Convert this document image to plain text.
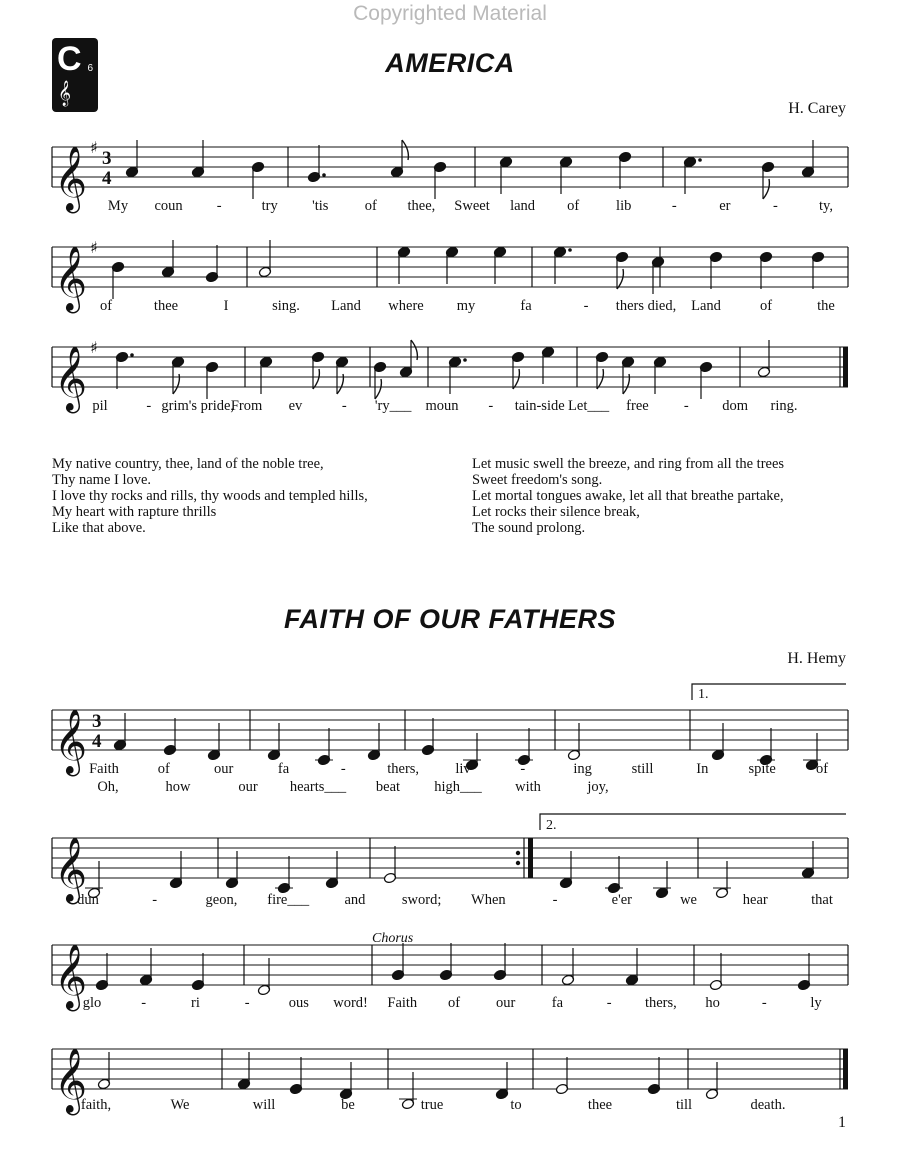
Copyrighted Material
C 6
𝄞
AMERICA
H. Carey
My native country, thee, land of the noble tree,
Thy name I love.
I love thy rocks and rills, thy woods and templed hills,
My heart with rapture thrills
Like that above.
Let music swell the breeze, and ring from all the trees
Sweet freedom's song.
Let mortal tongues awake, let all that breathe partake,
Let rocks their silence break,
The sound prolong.
FAITH OF OUR FATHERS
H. Hemy
𝄞 ♯
3
4
𝄞 ♯
𝄞 ♯
𝄞 3
4
𝄞
𝄞
𝄞
My coun -	try 'tis	of thee, Sweet land of	lib	-	er	-	ty,
of	thee	I	sing. Land where my	fa	- thers died, Land	of	the
pil	- grim's pride,
From ev	- 'ry___ moun - tain-side Let___ free - dom ring.
Faith	of	our	fa	-	thers,	liv	-	ing	still	In	spite	of
Oh,	how	our hearts___ beat high___ with	joy,
dun	-	geon, fire___ and	sword; When	-	e'er	we	hear	that
glo	-	ri	-	ous word! Faith of our	fa	- thers, ho	-	ly
faith,	We	will	be	true	to	thee	till	death.
Chorus
1.
2.
1
